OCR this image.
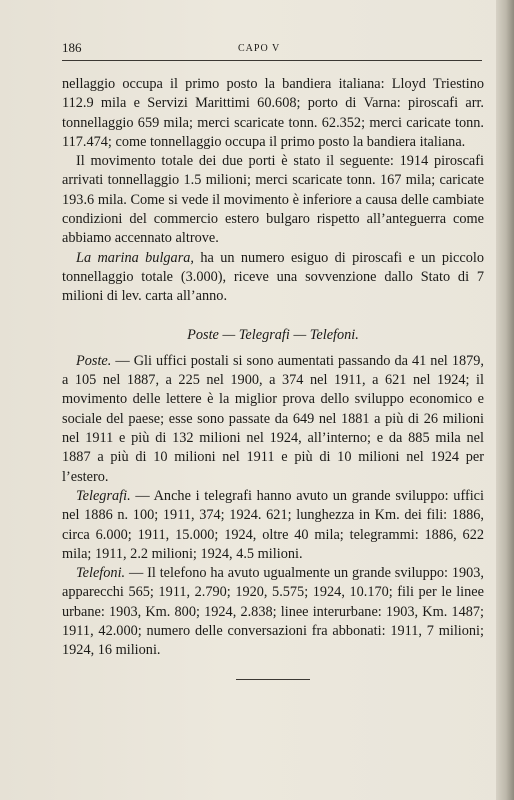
186	CAPO V

nellaggio occupa il primo posto la bandiera italiana: Lloyd Triestino 112.9 mila e Servizi Marittimi 60.608; porto di Varna: piroscafi arr. tonnellaggio 659 mila; merci scaricate tonn. 62.352; merci caricate tonn. 117.474; come tonnellaggio occupa il primo posto la bandiera italiana.

Il movimento totale dei due porti è stato il seguente: 1914 piroscafi arrivati tonnellaggio 1.5 milioni; merci scaricate tonn. 167 mila; caricate 193.6 mila. Come si vede il movimento è inferiore a causa delle cambiate condizioni del commercio estero bulgaro rispetto all’anteguerra come abbiamo accennato altrove.

La marina bulgara, ha un numero esiguo di piroscafi e un piccolo tonnellaggio totale (3.000), riceve una sovvenzione dallo Stato di 7 milioni di lev. carta all’anno.

Poste — Telegrafi — Telefoni.

Poste. — Gli uffici postali si sono aumentati passando da 41 nel 1879, a 105 nel 1887, a 225 nel 1900, a 374 nel 1911, a 621 nel 1924; il movimento delle lettere è la miglior prova dello sviluppo economico e sociale del paese; esse sono passate da 649 nel 1881 a più di 26 milioni nel 1911 e più di 132 milioni nel 1924, all’interno; e da 885 mila nel 1887 a più di 10 milioni nel 1911 e più di 10 milioni nel 1924 per l’estero.

Telegrafi. — Anche i telegrafi hanno avuto un grande sviluppo: uffici nel 1886 n. 100; 1911, 374; 1924. 621; lunghezza in Km. dei fili: 1886, circa 6.000; 1911, 15.000; 1924, oltre 40 mila; telegrammi: 1886, 622 mila; 1911, 2.2 milioni; 1924, 4.5 milioni.

Telefoni. — Il telefono ha avuto ugualmente un grande sviluppo: 1903, apparecchi 565; 1911, 2.790; 1920, 5.575; 1924, 10.170; fili per le linee urbane: 1903, Km. 800; 1924, 2.838; linee interurbane: 1903, Km. 1487; 1911, 42.000; numero delle conversazioni fra abbonati: 1911, 7 milioni; 1924, 16 milioni.
